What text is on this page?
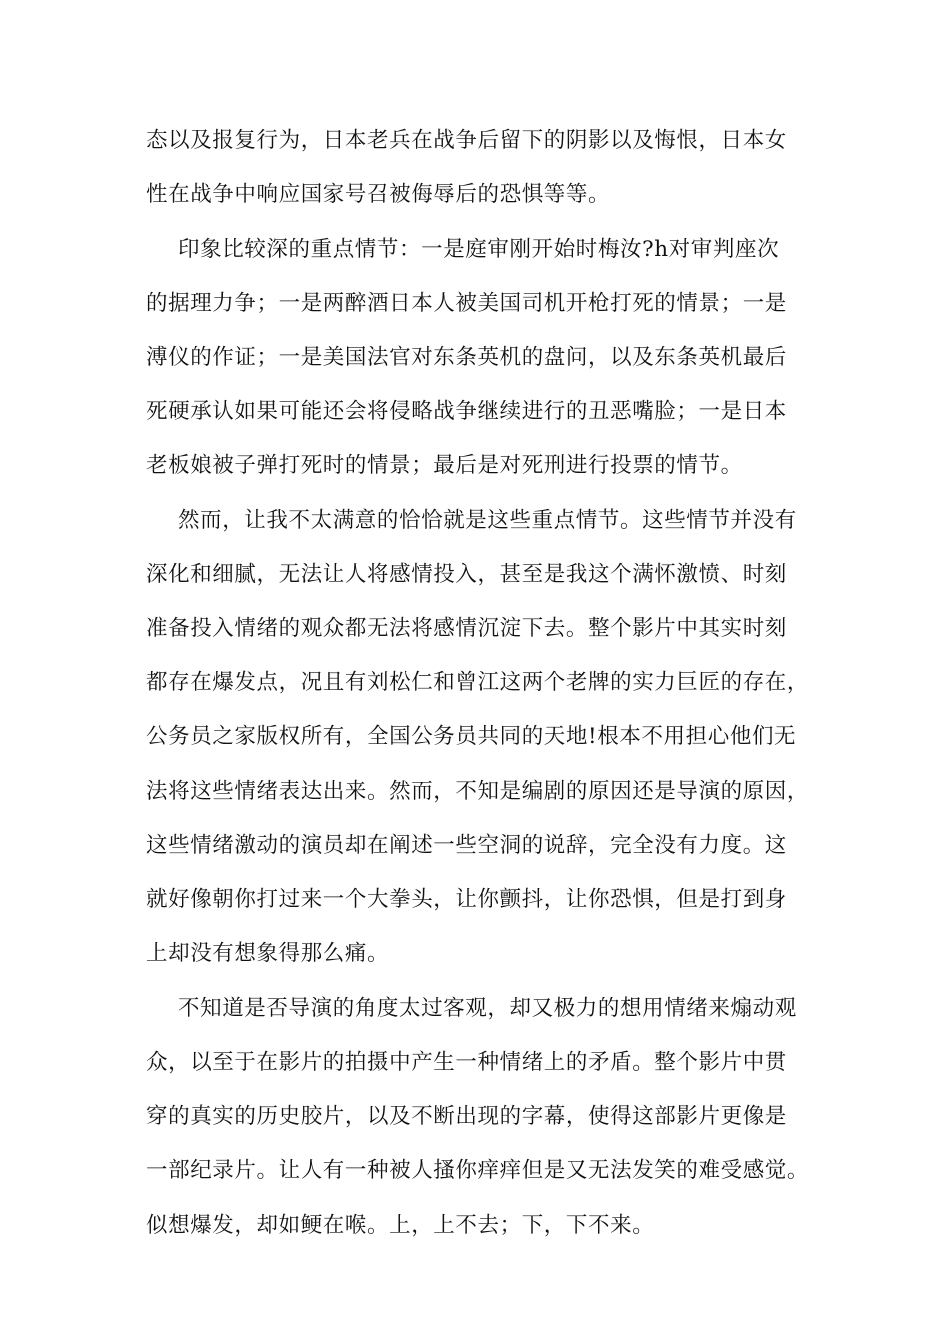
态以及报复行为，日本老兵在战争后留下的阴影以及悔恨，日本女
性在战争中响应国家号召被侮辱后的恐惧等等。
印象比较深的重点情节：一是庭审刚开始时梅汝?h对审判座次
的据理力争；一是两醉酒日本人被美国司机开枪打死的情景；一是
溥仪的作证；一是美国法官对东条英机的盘问，以及东条英机最后
死硬承认如果可能还会将侵略战争继续进行的丑恶嘴脸；一是日本
老板娘被子弹打死时的情景；最后是对死刑进行投票的情节。
然而，让我不太满意的恰恰就是这些重点情节。这些情节并没有
深化和细腻，无法让人将感情投入，甚至是我这个满怀激愤、时刻
准备投入情绪的观众都无法将感情沉淀下去。整个影片中其实时刻
都存在爆发点，况且有刘松仁和曾江这两个老牌的实力巨匠的存在，
公务员之家版权所有，全国公务员共同的天地!根本不用担心他们无
法将这些情绪表达出来。然而，不知是编剧的原因还是导演的原因，
这些情绪激动的演员却在阐述一些空洞的说辞，完全没有力度。这
就好像朝你打过来一个大拳头，让你颤抖，让你恐惧，但是打到身
上却没有想象得那么痛。
不知道是否导演的角度太过客观，却又极力的想用情绪来煽动观
众，以至于在影片的拍摄中产生一种情绪上的矛盾。整个影片中贯
穿的真实的历史胶片，以及不断出现的字幕，使得这部影片更像是
一部纪录片。让人有一种被人搔你痒痒但是又无法发笑的难受感觉。
似想爆发，却如鲠在喉。上，上不去；下，下不来。
